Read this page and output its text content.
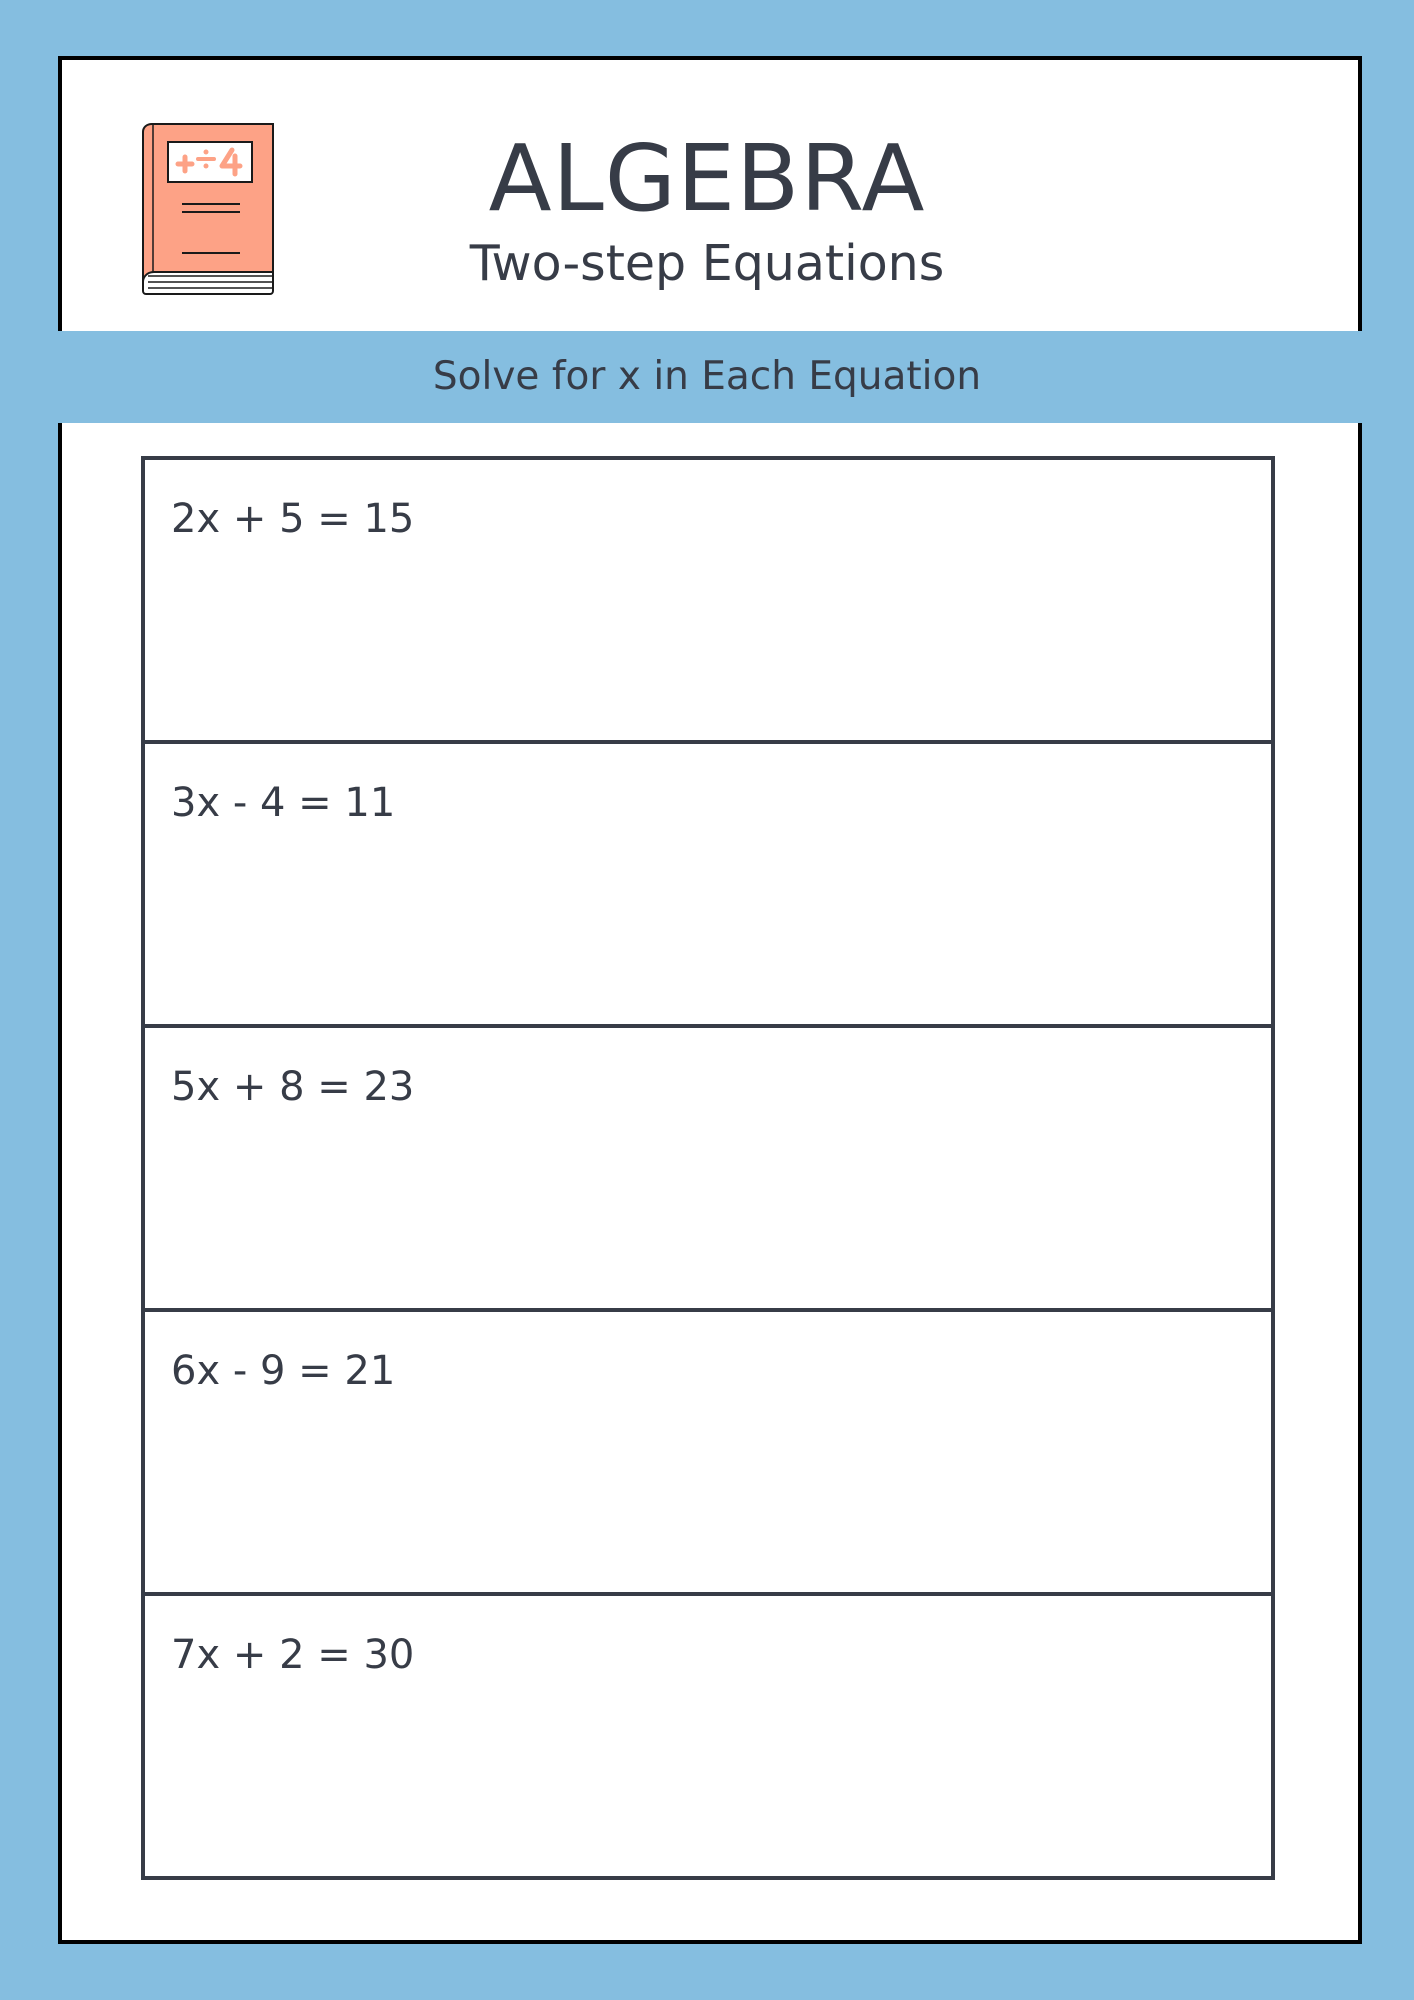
ALGEBRA
Two-step Equations
Solve for x in Each Equation
2x + 5 = 15
3x - 4 = 11
5x + 8 = 23
6x - 9 = 21
7x + 2 = 30
